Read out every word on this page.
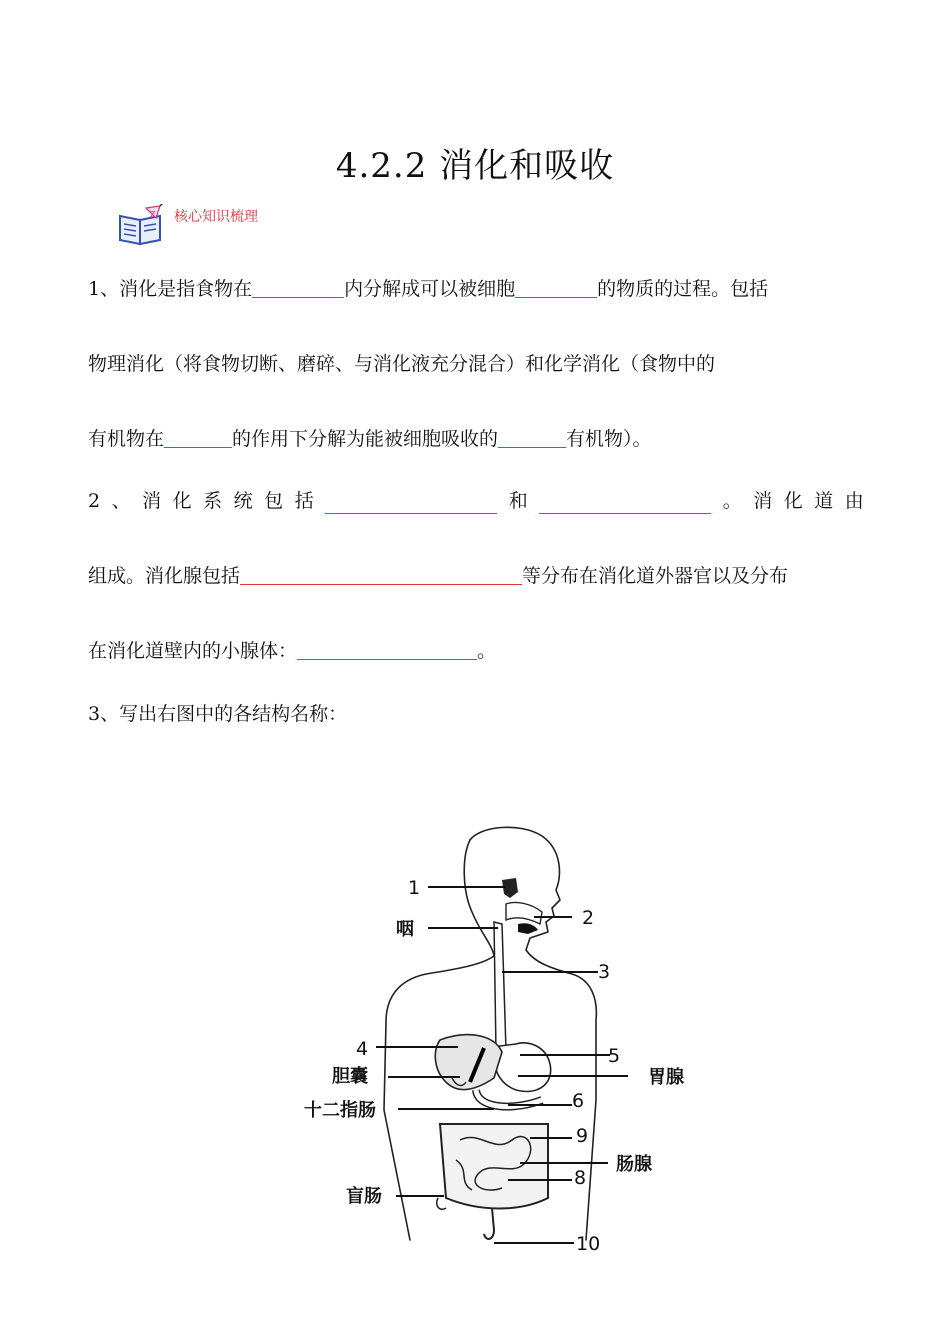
4.2.2 消化和吸收
Z 核心知识梳理
1、消化是指食物在	内分解成可以被细胞	的物质的过程。包括
物理消化（将食物切断、磨碎、与消化液充分混合）和化学消化（食物中的
有机物在	的作用下分解为能被细胞吸收的	有机物）。
2 、 消 化 系 统 包 括	和	。 消 化 道 由
组成。消化腺包括	等分布在消化道外器官以及分布
在消化道壁内的小腺体：	。
3、写出右图中的各结构名称：
1
咽
2
3
4	5
胆囊	胃腺
十二指肠	6
9
肠腺
8
盲肠
10
